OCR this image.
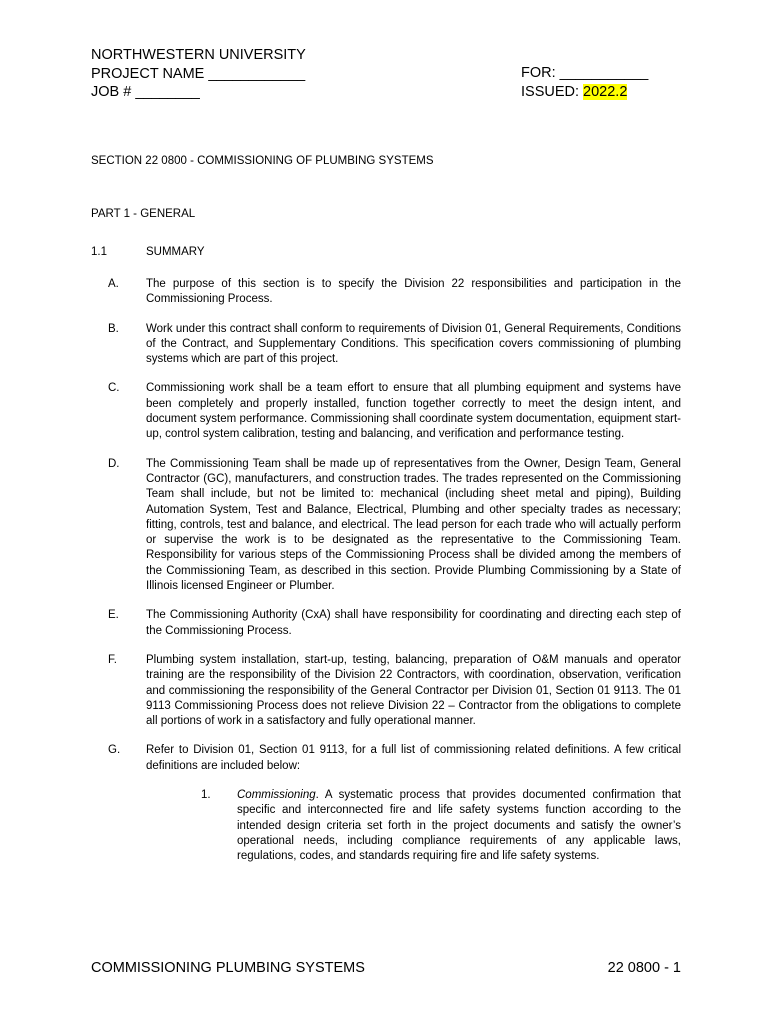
NORTHWESTERN UNIVERSITY
PROJECT NAME ____________
JOB # ________
FOR: ___________
ISSUED: 2022.2
SECTION 22 0800 - COMMISSIONING OF PLUMBING SYSTEMS
PART 1 - GENERAL
1.1	SUMMARY
A. The purpose of this section is to specify the Division 22 responsibilities and participation in the Commissioning Process.
B. Work under this contract shall conform to requirements of Division 01, General Requirements, Conditions of the Contract, and Supplementary Conditions. This specification covers commissioning of plumbing systems which are part of this project.
C. Commissioning work shall be a team effort to ensure that all plumbing equipment and systems have been completely and properly installed, function together correctly to meet the design intent, and document system performance. Commissioning shall coordinate system documentation, equipment start-up, control system calibration, testing and balancing, and verification and performance testing.
D. The Commissioning Team shall be made up of representatives from the Owner, Design Team, General Contractor (GC), manufacturers, and construction trades. The trades represented on the Commissioning Team shall include, but not be limited to: mechanical (including sheet metal and piping), Building Automation System, Test and Balance, Electrical, Plumbing and other specialty trades as necessary; fitting, controls, test and balance, and electrical. The lead person for each trade who will actually perform or supervise the work is to be designated as the representative to the Commissioning Team. Responsibility for various steps of the Commissioning Process shall be divided among the members of the Commissioning Team, as described in this section. Provide Plumbing Commissioning by a State of Illinois licensed Engineer or Plumber.
E. The Commissioning Authority (CxA) shall have responsibility for coordinating and directing each step of the Commissioning Process.
F.	Plumbing system installation, start-up, testing, balancing, preparation of O&M manuals and operator training are the responsibility of the Division 22 Contractors, with coordination, observation, verification and commissioning the responsibility of the General Contractor per Division 01, Section 01 9113. The 01 9113 Commissioning Process does not relieve Division 22 – Contractor from the obligations to complete all portions of work in a satisfactory and fully operational manner.
G. Refer to Division 01, Section 01 9113, for a full list of commissioning related definitions. A few critical definitions are included below:
1. Commissioning. A systematic process that provides documented confirmation that specific and interconnected fire and life safety systems function according to the intended design criteria set forth in the project documents and satisfy the owner’s operational needs, including compliance requirements of any applicable laws, regulations, codes, and standards requiring fire and life safety systems.
COMMISSIONING PLUMBING SYSTEMS	22 0800 - 1
